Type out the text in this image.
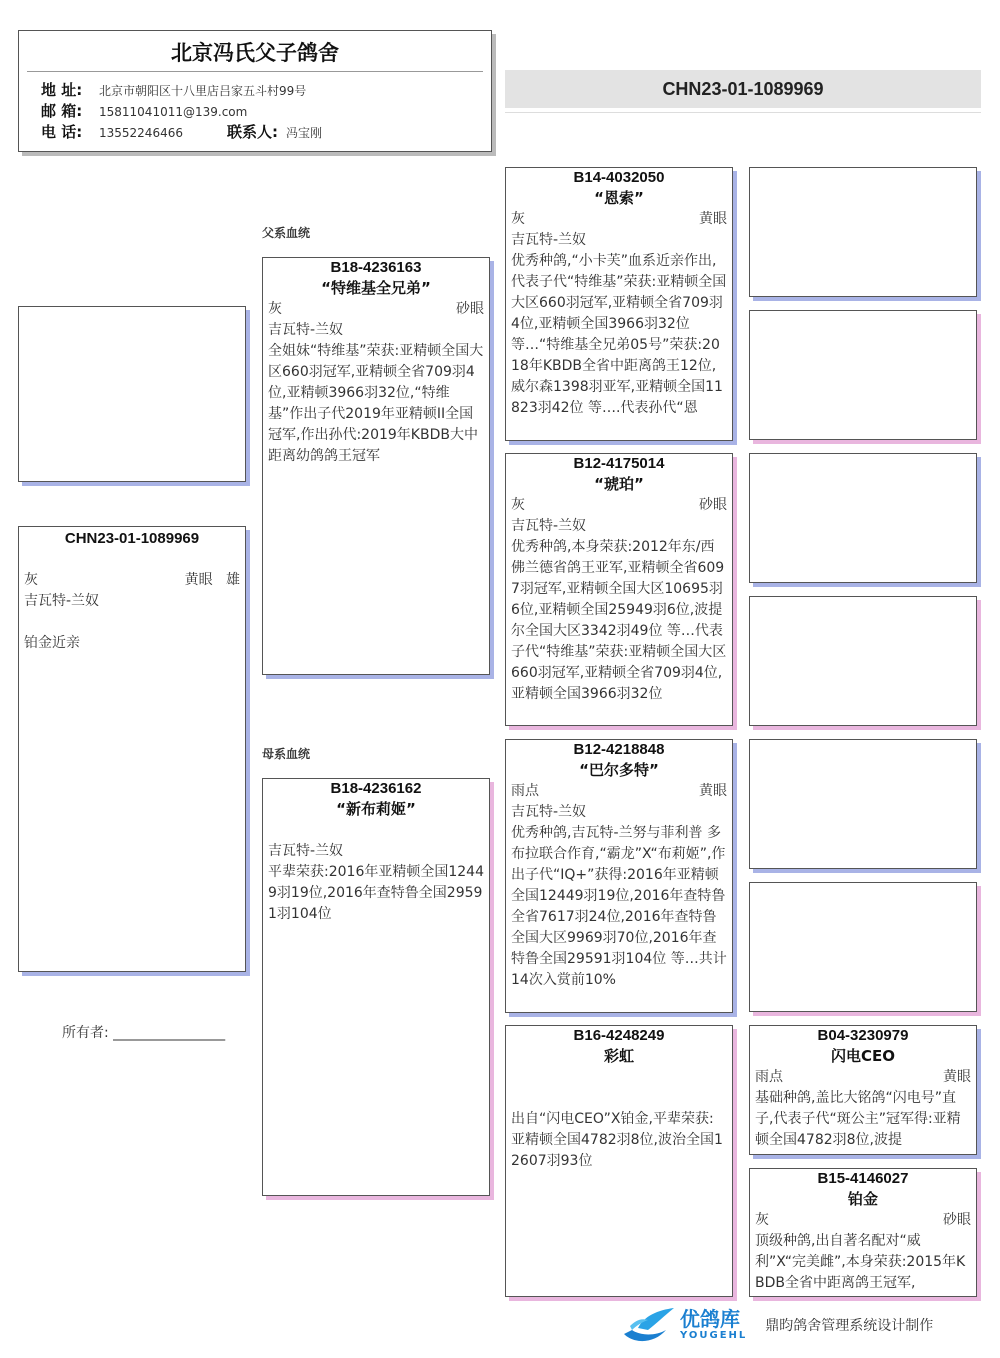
北京冯氏父子鸽舍
地 址:	北京市朝阳区十八里店吕家五斗村99号
邮 箱:	15811041011@139.com
电 话:	13552246466	联系人: 冯宝刚
CHN23-01-1089969
CHN23-01-1089969
灰	黄眼 雄
吉瓦特-兰奴
铂金近亲
所有者: ________________
父系血统
B18-4236163
“特维基全兄弟”
灰	砂眼
吉瓦特-兰奴
全姐妹“特维基”荣获:亚精顿全国大区660羽冠军,亚精顿全省709羽4位,亚精顿3966羽32位,“特维基”作出子代2019年亚精顿II全国冠军,作出孙代:2019年KBDB大中距离幼鸽鸽王冠军
母系血统
B18-4236162
“新布莉姬”
吉瓦特-兰奴
平辈荣获:2016年亚精顿全国12449羽19位,2016年查特鲁全国29591羽104位
B14-4032050
“恩索”
灰	黄眼
吉瓦特-兰奴
优秀种鸽,“小卡芙”血系近亲作出,代表子代“特维基”荣获:亚精顿全国大区660羽冠军,亚精顿全省709羽4位,亚精顿全国3966羽32位 等…“特维基全兄弟05号”荣获:2018年KBDB全省中距离鸽王12位,威尔森1398羽亚军,亚精顿全国11823羽42位 等….代表孙代“恩
B12-4175014
“琥珀”
灰	砂眼
吉瓦特-兰奴
优秀种鸽,本身荣获:2012年东/西佛兰德省鸽王亚军,亚精顿全省6097羽冠军,亚精顿全国大区10695羽6位,亚精顿全国25949羽6位,波提尔全国大区3342羽49位 等…代表子代“特维基”荣获:亚精顿全国大区660羽冠军,亚精顿全省709羽4位,亚精顿全国3966羽32位
B12-4218848
“巴尔多特”
雨点	黄眼
吉瓦特-兰奴
优秀种鸽,吉瓦特-兰努与菲利普 多布拉联合作育,“霸龙”X“布莉姬”,作出子代“IQ+”获得:2016年亚精顿全国12449羽19位,2016年查特鲁全省7617羽24位,2016年查特鲁全国大区9969羽70位,2016年查特鲁全国29591羽104位 等…共计14次入赏前10%
B16-4248249
彩虹
出自“闪电CEO”X铂金,平辈荣获:亚精顿全国4782羽8位,波治全国12607羽93位
B04-3230979
闪电CEO
雨点	黄眼
基础种鸽,盖比大铭鸽“闪电号”直子,代表子代“斑公主”冠军得:亚精顿全国4782羽8位,波提
B15-4146027
铂金
灰	砂眼
顶级种鸽,出自著名配对“威利”X“完美雌”,本身荣获:2015年KBDB全省中距离鸽王冠军,
优鸽库
YOUGEHL
鼎昀鸽舍管理系统设计制作
